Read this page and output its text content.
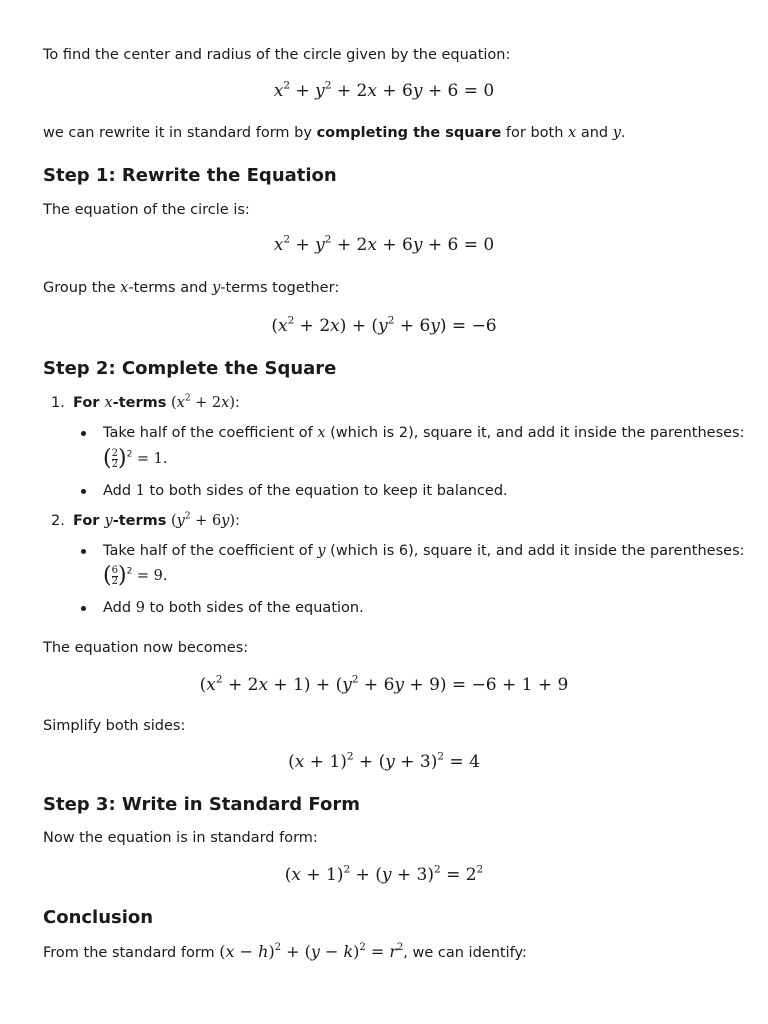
To find the center and radius of the circle given by the equation:
$x^2 + y^2 + 2x + 6y + 6 = 0$
we can rewrite it in standard form by completing the square for both x and y.
Step 1: Rewrite the Equation
The equation of the circle is:
$x^2 + y^2 + 2x + 6y + 6 = 0$
Group the x-terms and y-terms together:
$(x^2 + 2x) + (y^2 + 6y) = -6$
Step 2: Complete the Square
1. For x-terms $(x^2 + 2x)$:
Take half of the coefficient of x (which is 2), square it, and add it inside the parentheses:
( $\frac{2}{2} )^2 = 1$.
Add 1 to both sides of the equation to keep it balanced.
2. For y-terms $(y^2 + 6y)$:
Take half of the coefficient of y (which is 6), square it, and add it inside the parentheses:
( $\frac{6}{2} )^2 = 9$.
Add 9 to both sides of the equation.
The equation now becomes:
$(x^2 + 2x + 1) + (y^2 + 6y + 9) = -6 + 1 + 9$
Simplify both sides:
$(x + 1)^2 + (y + 3)^2 = 4$
Step 3: Write in Standard Form
Now the equation is in standard form:
$(x + 1)^2 + (y + 3)^2 = 2^2$
Conclusion
From the standard form $(x - h)^2 + (y - k)^2 = r^2$, we can identify:
